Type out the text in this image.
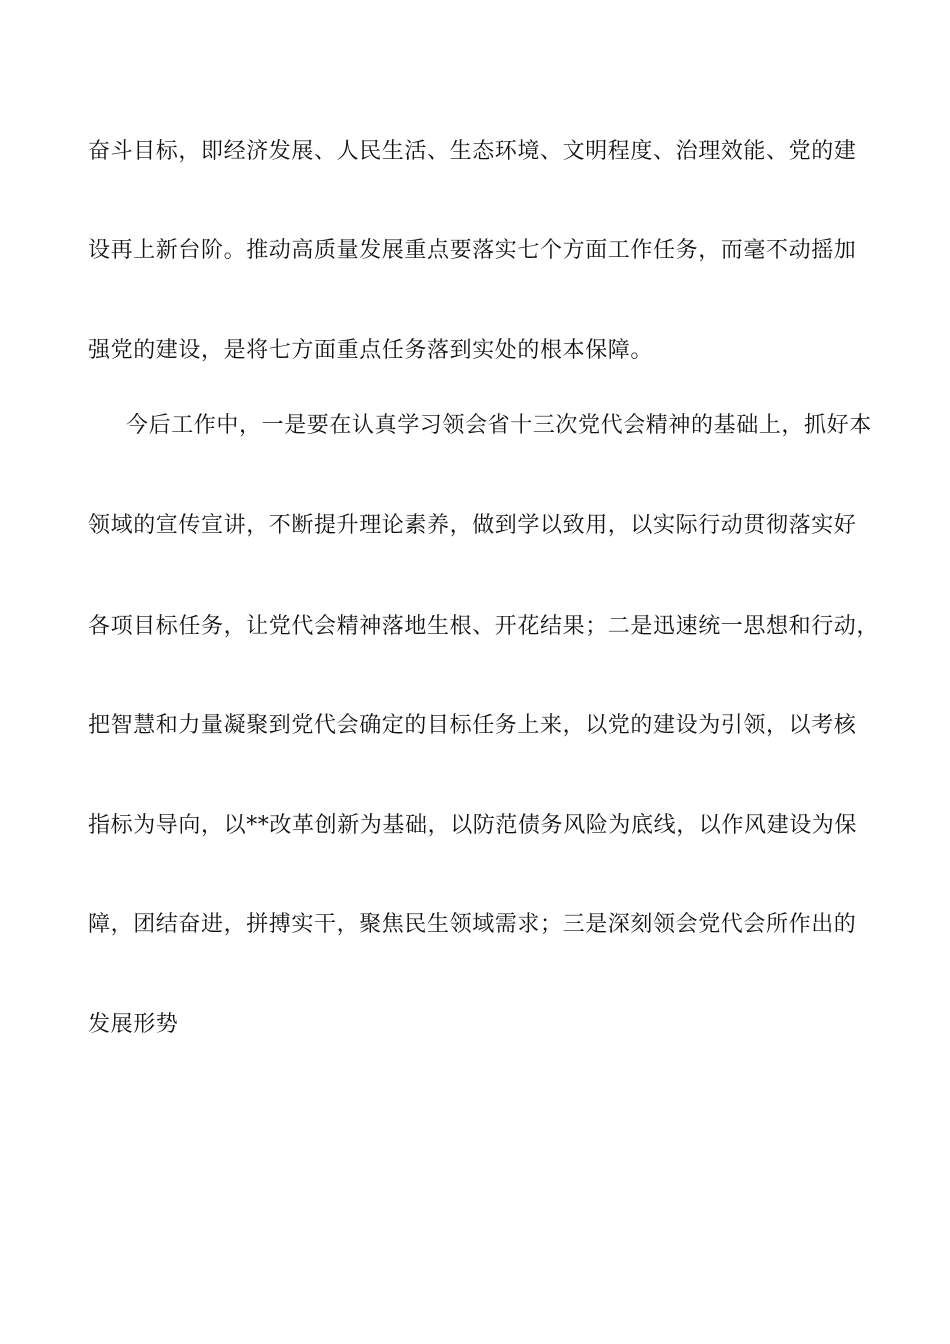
奋斗目标，即经济发展、人民生活、生态环境、文明程度、治理效能、党的建
设再上新台阶。推动高质量发展重点要落实七个方面工作任务，而毫不动摇加
强党的建设，是将七方面重点任务落到实处的根本保障。
今后工作中，一是要在认真学习领会省十三次党代会精神的基础上，抓好本
领域的宣传宣讲，不断提升理论素养，做到学以致用，以实际行动贯彻落实好
各项目标任务，让党代会精神落地生根、开花结果；二是迅速统一思想和行动，
把智慧和力量凝聚到党代会确定的目标任务上来，以党的建设为引领，以考核
指标为导向，以**改革创新为基础，以防范债务风险为底线，以作风建设为保
障，团结奋进，拼搏实干，聚焦民生领域需求；三是深刻领会党代会所作出的
发展形势
